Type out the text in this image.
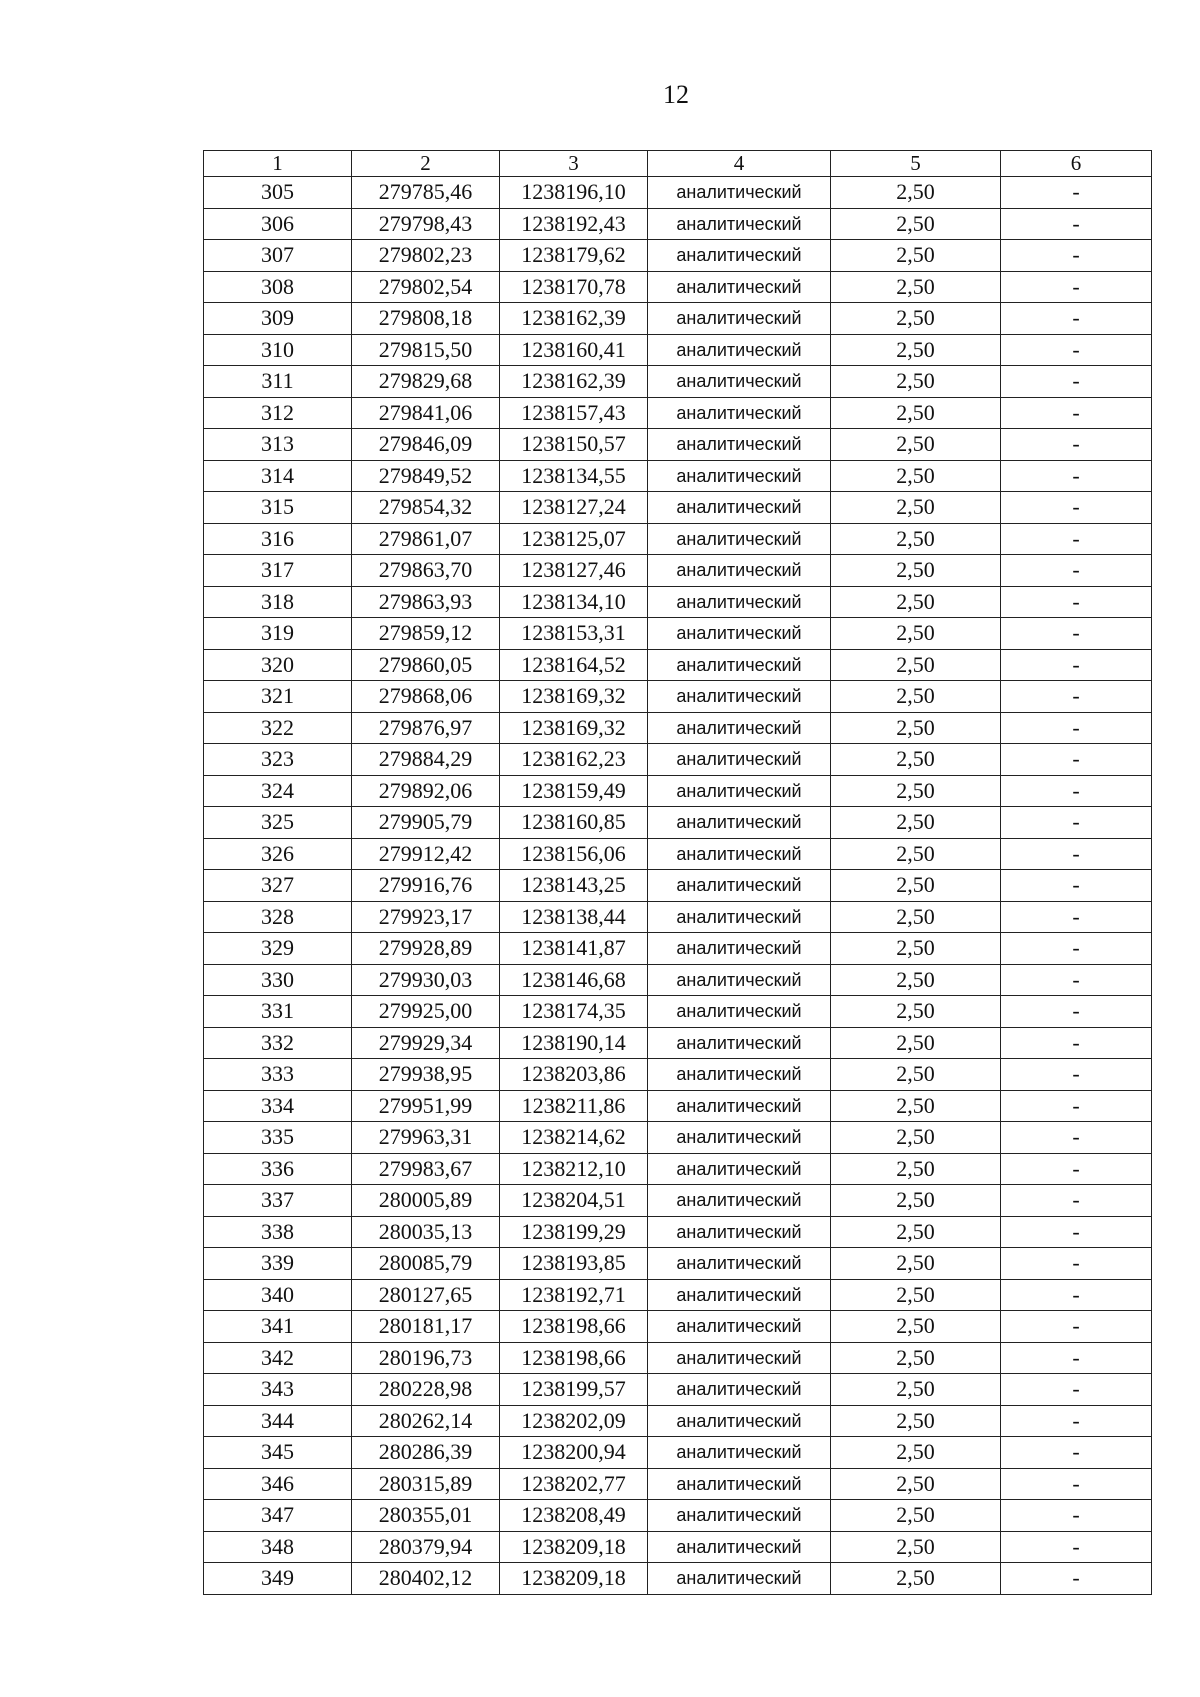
12
1	2	3	4	5	6
305	279785,46	1238196,10	аналитический	2,50	-
306	279798,43	1238192,43	аналитический	2,50	-
307	279802,23	1238179,62	аналитический	2,50	-
308	279802,54	1238170,78	аналитический	2,50	-
309	279808,18	1238162,39	аналитический	2,50	-
310	279815,50	1238160,41	аналитический	2,50	-
311	279829,68	1238162,39	аналитический	2,50	-
312	279841,06	1238157,43	аналитический	2,50	-
313	279846,09	1238150,57	аналитический	2,50	-
314	279849,52	1238134,55	аналитический	2,50	-
315	279854,32	1238127,24	аналитический	2,50	-
316	279861,07	1238125,07	аналитический	2,50	-
317	279863,70	1238127,46	аналитический	2,50	-
318	279863,93	1238134,10	аналитический	2,50	-
319	279859,12	1238153,31	аналитический	2,50	-
320	279860,05	1238164,52	аналитический	2,50	-
321	279868,06	1238169,32	аналитический	2,50	-
322	279876,97	1238169,32	аналитический	2,50	-
323	279884,29	1238162,23	аналитический	2,50	-
324	279892,06	1238159,49	аналитический	2,50	-
325	279905,79	1238160,85	аналитический	2,50	-
326	279912,42	1238156,06	аналитический	2,50	-
327	279916,76	1238143,25	аналитический	2,50	-
328	279923,17	1238138,44	аналитический	2,50	-
329	279928,89	1238141,87	аналитический	2,50	-
330	279930,03	1238146,68	аналитический	2,50	-
331	279925,00	1238174,35	аналитический	2,50	-
332	279929,34	1238190,14	аналитический	2,50	-
333	279938,95	1238203,86	аналитический	2,50	-
334	279951,99	1238211,86	аналитический	2,50	-
335	279963,31	1238214,62	аналитический	2,50	-
336	279983,67	1238212,10	аналитический	2,50	-
337	280005,89	1238204,51	аналитический	2,50	-
338	280035,13	1238199,29	аналитический	2,50	-
339	280085,79	1238193,85	аналитический	2,50	-
340	280127,65	1238192,71	аналитический	2,50	-
341	280181,17	1238198,66	аналитический	2,50	-
342	280196,73	1238198,66	аналитический	2,50	-
343	280228,98	1238199,57	аналитический	2,50	-
344	280262,14	1238202,09	аналитический	2,50	-
345	280286,39	1238200,94	аналитический	2,50	-
346	280315,89	1238202,77	аналитический	2,50	-
347	280355,01	1238208,49	аналитический	2,50	-
348	280379,94	1238209,18	аналитический	2,50	-
349	280402,12	1238209,18	аналитический	2,50	-
